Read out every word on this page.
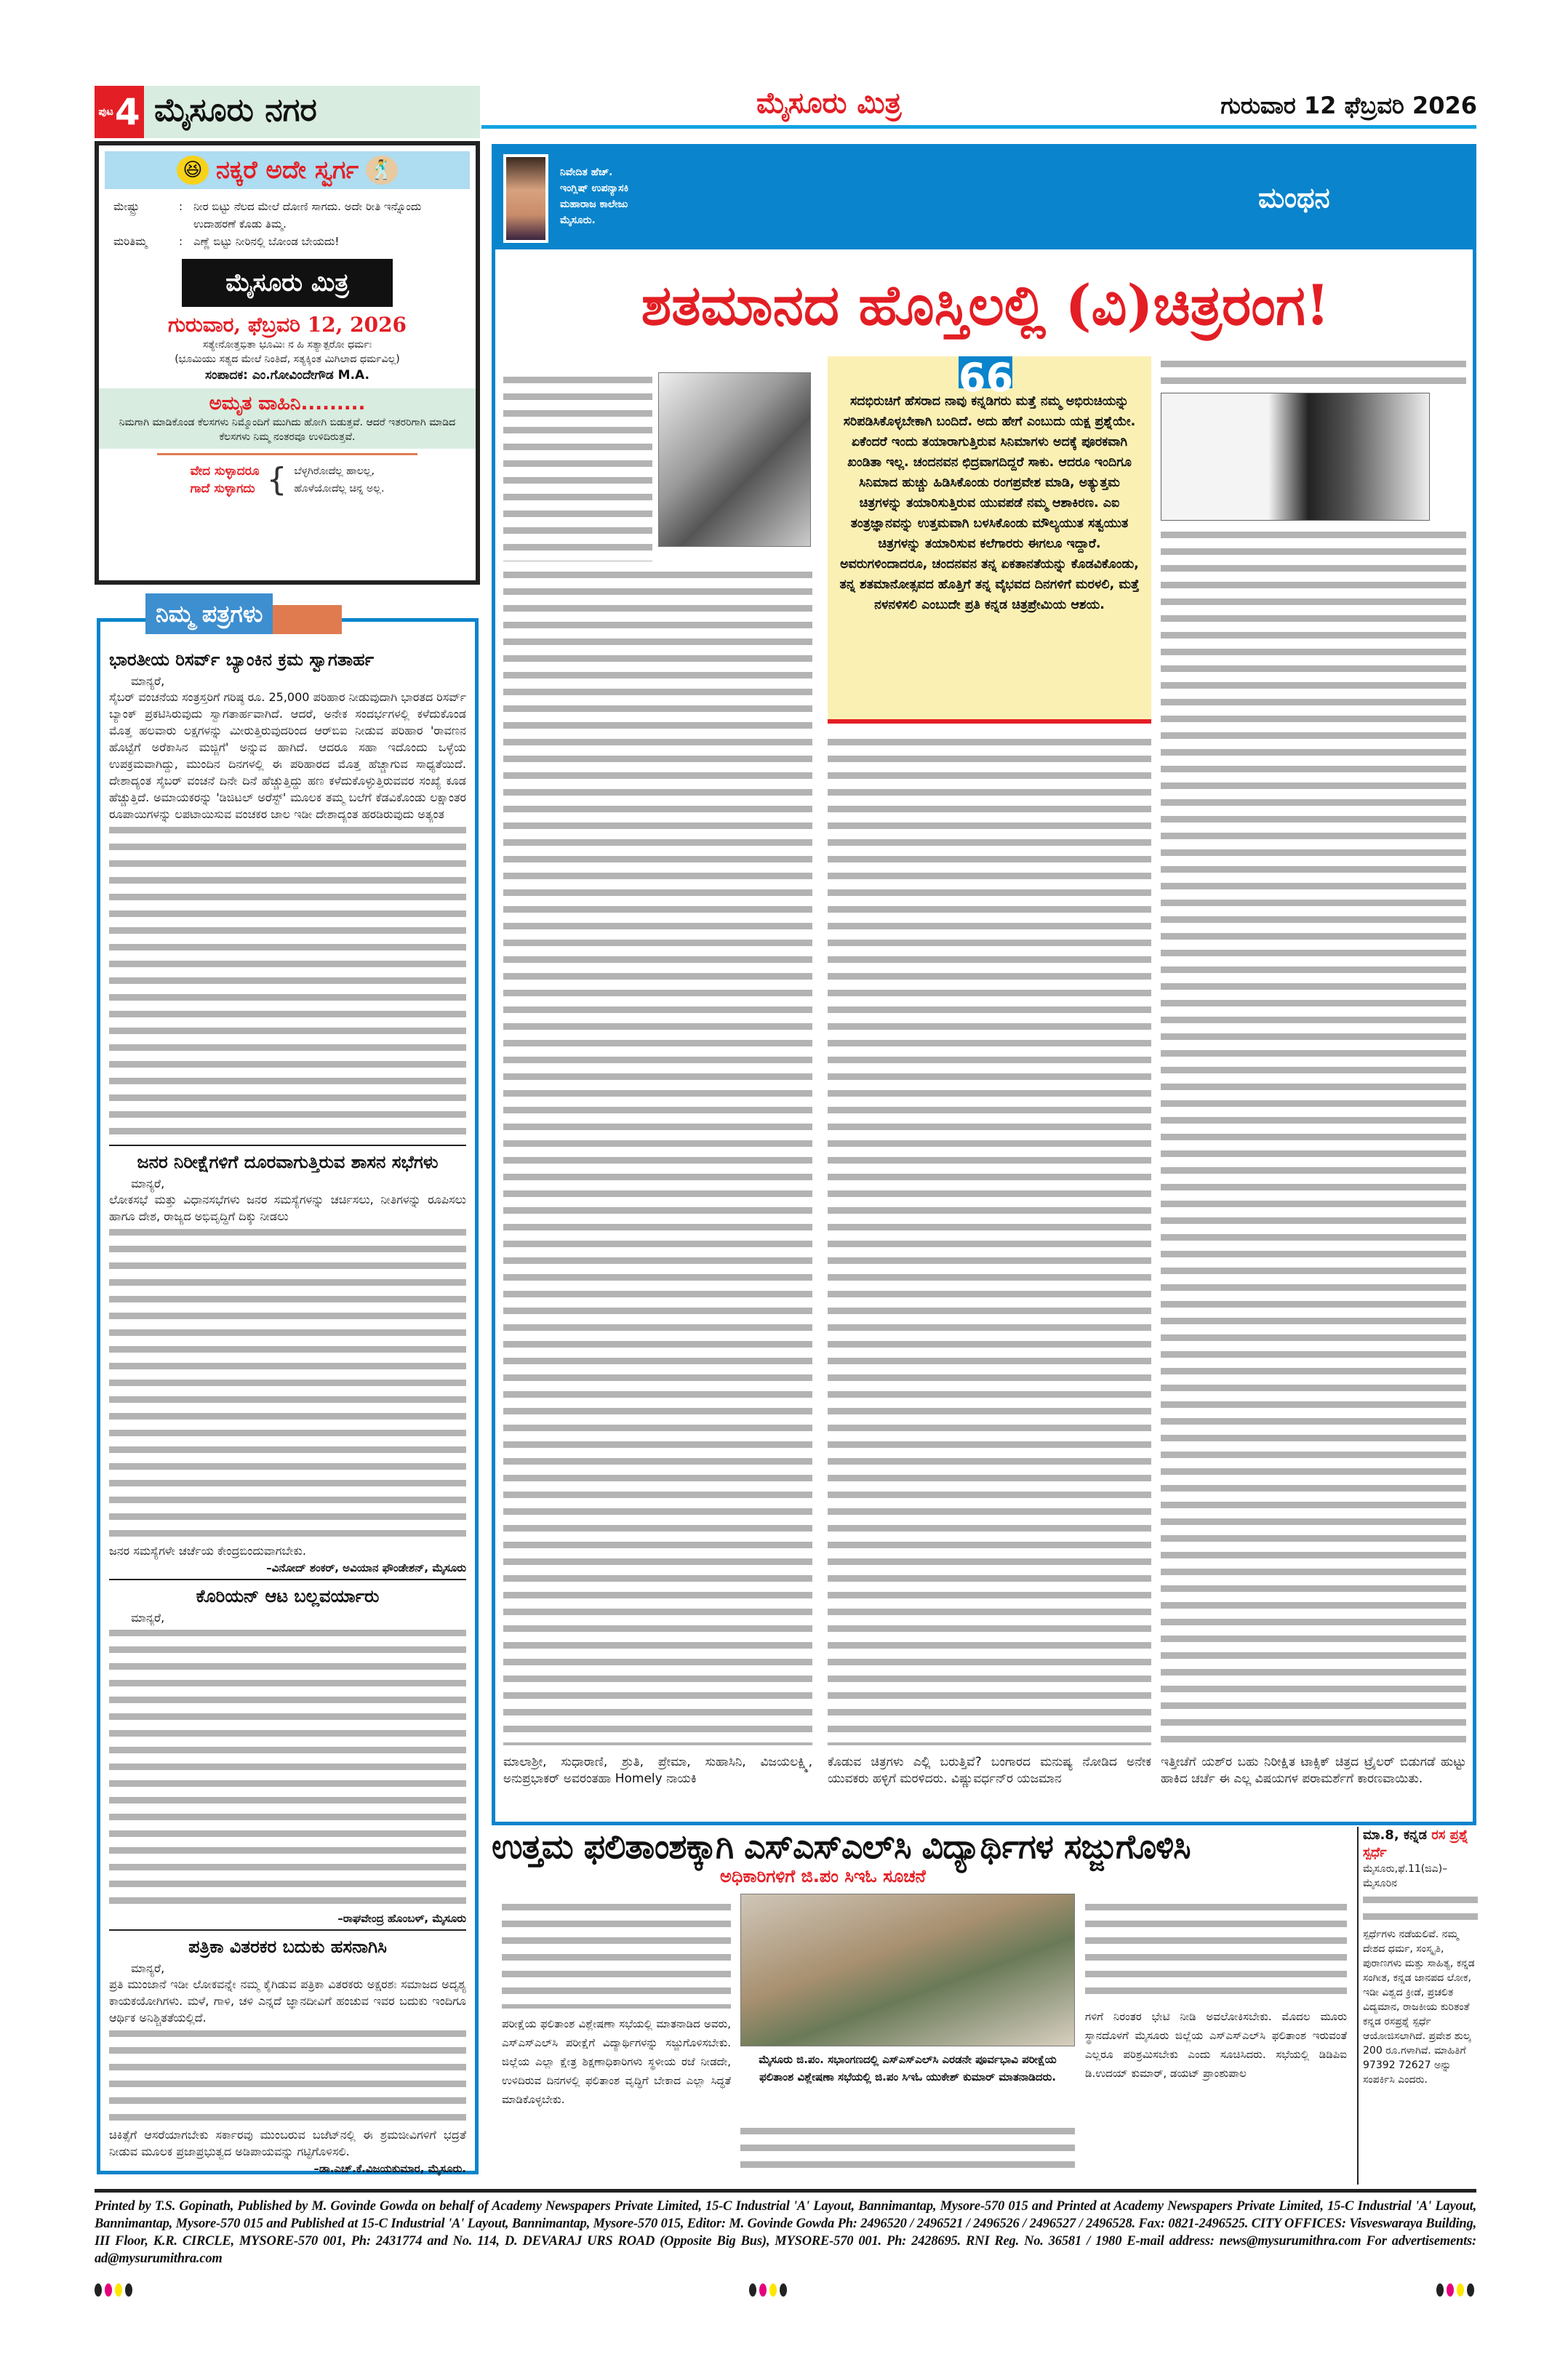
ಪುಟ 4 ಮೈಸೂರು ನಗರ	ಮೈಸೂರು ಮಿತ್ರ	ಗುರುವಾರ 12 ಫೆಬ್ರವರಿ 2026
😆 ನಕ್ಕರೆ ಅದೇ ಸ್ವರ್ಗ 🕺
ಮೇಷ್ಟ್ರು	: ನೀರ ಬಿಟ್ಟು ನೆಲದ ಮೇಲೆ ದೋಣಿ ಸಾಗದು. ಅದೇ ರೀತಿ ಇನ್ನೊಂದು ಉದಾಹರಣೆ ಕೊಡು ತಿಮ್ಮ.
ಮರಿತಿಮ್ಮ	: ಎಣ್ಣೆ ಬಿಟ್ಟು ನೀರಿನಲ್ಲಿ ಬೋಂಡ ಬೇಯದು!
ಮೈಸೂರು ಮಿತ್ರ
ಗುರುವಾರ, ಫೆಬ್ರವರಿ 12, 2026
ಸತ್ಯೇನೋತ್ತಭಿತಾ ಭೂಮಿಃ ನ ಹಿ ಸತ್ಯಾತ್ಪರೋ ಧರ್ಮಃ
(ಭೂಮಿಯು ಸತ್ಯದ ಮೇಲೆ ನಿಂತಿದೆ, ಸತ್ಯಕ್ಕಿಂತ ಮಿಗಿಲಾದ ಧರ್ಮವಿಲ್ಲ)
ಸಂಪಾದಕ: ಎಂ.ಗೋವಿಂದೇಗೌಡ M.A.
ಅಮೃತ ವಾಹಿನಿ.........
ನಿಮಗಾಗಿ ಮಾಡಿಕೊಂಡ ಕೆಲಸಗಳು ನಿಮ್ಮೊಂದಿಗೆ ಮುಗಿದು ಹೋಗಿ ಬಿಡುತ್ತವೆ. ಆದರೆ ಇತರರಿಗಾಗಿ ಮಾಡಿದ ಕೆಲಸಗಳು ನಿಮ್ಮ ನಂತರವೂ ಉಳಿದಿರುತ್ತವೆ.
ವೇದ ಸುಳ್ಳಾದರೂ
ಗಾದೆ ಸುಳ್ಳಾಗದು { ಬೆಳ್ಳಗಿರೋದೆಲ್ಲ ಹಾಲಲ್ಲ,
ಹೊಳೆಯೋದೆಲ್ಲ ಚಿನ್ನ ಅಲ್ಲ.
ಭಾರತೀಯ ರಿಸರ್ವ್ ಬ್ಯಾಂಕಿನ ಕ್ರಮ ಸ್ವಾಗತಾರ್ಹ
ಮಾನ್ಯರೆ,
ಸೈಬರ್ ವಂಚನೆಯ ಸಂತ್ರಸ್ತರಿಗೆ ಗರಿಷ್ಠ ರೂ. 25,000 ಪರಿಹಾರ ನೀಡುವುದಾಗಿ ಭಾರತದ ರಿಸರ್ವ್ ಬ್ಯಾಂಕ್ ಪ್ರಕಟಿಸಿರುವುದು ಸ್ವಾಗತಾರ್ಹವಾಗಿದೆ. ಆದರೆ, ಅನೇಕ ಸಂದರ್ಭಗಳಲ್ಲಿ ಕಳೆದುಕೊಂಡ ಮೊತ್ತ ಹಲವಾರು ಲಕ್ಷಗಳನ್ನು ಮೀರುತ್ತಿರುವುದರಿಂದ ಆರ್‌ಬಿಐ ನೀಡುವ ಪರಿಹಾರ 'ರಾವಣನ ಹೊಟ್ಟೆಗೆ ಅರೆಕಾಸಿನ ಮಜ್ಜಿಗೆ' ಅನ್ನುವ ಹಾಗಿದೆ. ಆದರೂ ಸಹಾ ಇದೊಂದು ಒಳ್ಳೆಯ ಉಪಕ್ರಮವಾಗಿದ್ದು, ಮುಂದಿನ ದಿನಗಳಲ್ಲಿ ಈ ಪರಿಹಾರದ ಮೊತ್ತ ಹೆಚ್ಚಾಗುವ ಸಾಧ್ಯತೆಯಿದೆ. ದೇಶಾದ್ಯಂತ ಸೈಬರ್ ವಂಚನೆ ದಿನೇ ದಿನೆ ಹೆಚ್ಚುತ್ತಿದ್ದು ಹಣ ಕಳೆದುಕೊಳ್ಳುತ್ತಿರುವವರ ಸಂಖ್ಯೆ ಕೂಡ ಹೆಚ್ಚುತ್ತಿದೆ. ಅಮಾಯಕರನ್ನು 'ಡಿಜಿಟಲ್ ಅರೆಸ್ಟ್' ಮೂಲಕ ತಮ್ಮ ಬಲೆಗೆ ಕೆಡವಿಕೊಂಡು ಲಕ್ಷಾಂತರ ರೂಪಾಯಿಗಳನ್ನು ಲಪಟಾಯಿಸುವ ವಂಚಕರ ಜಾಲ ಇಡೀ ದೇಶಾದ್ಯಂತ ಹರಡಿರುವುದು ಅತ್ಯಂತ
ಜನರ ನಿರೀಕ್ಷೆಗಳಿಗೆ ದೂರವಾಗುತ್ತಿರುವ ಶಾಸನ ಸಭೆಗಳು
ಮಾನ್ಯರೆ,
ಲೋಕಸಭೆ ಮತ್ತು ವಿಧಾನಸಭೆಗಳು ಜನರ ಸಮಸ್ಯೆಗಳನ್ನು ಚರ್ಚಿಸಲು, ನೀತಿಗಳನ್ನು ರೂಪಿಸಲು ಹಾಗೂ ದೇಶ, ರಾಜ್ಯದ ಅಭಿವೃದ್ಧಿಗೆ ದಿಕ್ಕು ನೀಡಲು
ಜನರ ಸಮಸ್ಯೆಗಳೇ ಚರ್ಚೆಯ ಕೇಂದ್ರಬಿಂದುವಾಗಬೇಕು.
–ವಿನೋದ್ ಶಂಕರ್, ಅವಿಯಾನ ಫೌಂಡೇಶನ್, ಮೈಸೂರು
ಕೊರಿಯನ್ ಆಟ ಬಲ್ಲವರ್ಯಾರು
ಮಾನ್ಯರೆ,
–ರಾಘವೇಂದ್ರ ಹೊಂಬಳ್, ಮೈಸೂರು
ಪತ್ರಿಕಾ ವಿತರಕರ ಬದುಕು ಹಸನಾಗಿಸಿ
ಮಾನ್ಯರೆ,
ಪ್ರತಿ ಮುಂಜಾನೆ ಇಡೀ ಲೋಕವನ್ನೇ ನಮ್ಮ ಕೈಗಿಡುವ ಪತ್ರಿಕಾ ವಿತರಕರು ಅಕ್ಷರಶಃ ಸಮಾಜದ ಅದೃಶ್ಯ ಕಾಯಕಯೋಗಿಗಳು. ಮಳೆ, ಗಾಳಿ, ಚಳಿ ಎನ್ನದೆ ಜ್ಞಾನದೀವಿಗೆ ಹಂಚುವ ಇವರ ಬದುಕು ಇಂದಿಗೂ ಆರ್ಥಿಕ ಅನಿಶ್ಚಿತತೆಯಲ್ಲಿದೆ.
ಚಿಕಿತ್ಸೆಗೆ ಆಸರೆಯಾಗಬೇಕು ಸರ್ಕಾರವು ಮುಂಬರುವ ಬಜೆಟ್‌ನಲ್ಲಿ ಈ ಶ್ರಮಜೀವಿಗಳಿಗೆ ಭದ್ರತೆ ನೀಡುವ ಮೂಲಕ ಪ್ರಜಾಪ್ರಭುತ್ವದ ಅಡಿಪಾಯವನ್ನು ಗಟ್ಟಿಗೊಳಿಸಲಿ.
–ಡಾ.ಎಚ್.ಕೆ.ವಿಜಯಕುಮಾರ, ಮೈಸೂರು.
ನಿಮ್ಮ ಪತ್ರಗಳು
ನಿವೇದಿತ ಹೆಚ್.
ಇಂಗ್ಲಿಷ್ ಉಪನ್ಯಾಸಕಿ
ಮಹಾರಾಜ ಕಾಲೇಜು
ಮೈಸೂರು.
ಮಂಥನ
ಶತಮಾನದ ಹೊಸ್ತಿಲಲ್ಲಿ (ವಿ)ಚಿತ್ರರಂಗ!
ಮಾಲಾಶ್ರೀ, ಸುಧಾರಾಣಿ, ಶ್ರುತಿ, ಪ್ರೇಮಾ, ಸುಹಾಸಿನಿ, ವಿಜಯಲಕ್ಷ್ಮಿ, ಅನುಪ್ರಭಾಕರ್ ಅವರಂತಹಾ Homely ನಾಯಕಿ
ಸದಭಿರುಚಿಗೆ ಹೆಸರಾದ ನಾವು ಕನ್ನಡಿಗರು ಮತ್ತೆ ನಮ್ಮ ಅಭಿರುಚಿಯನ್ನು ಸರಿಪಡಿಸಿಕೊಳ್ಳಬೇಕಾಗಿ ಬಂದಿದೆ. ಅದು ಹೇಗೆ ಎಂಬುದು ಯಕ್ಷ ಪ್ರಶ್ನೆಯೇ. ಏಕೆಂದರೆ ಇಂದು ತಯಾರಾಗುತ್ತಿರುವ ಸಿನಿಮಾಗಳು ಅದಕ್ಕೆ ಪೂರಕವಾಗಿ ಖಂಡಿತಾ ಇಲ್ಲ. ಚಂದನವನ ಛಿದ್ರವಾಗದಿದ್ದರೆ ಸಾಕು. ಆದರೂ ಇಂದಿಗೂ ಸಿನಿಮಾದ ಹುಚ್ಚು ಹಿಡಿಸಿಕೊಂಡು ರಂಗಪ್ರವೇಶ ಮಾಡಿ, ಅತ್ಯುತ್ತಮ ಚಿತ್ರಗಳನ್ನು ತಯಾರಿಸುತ್ತಿರುವ ಯುವಪಡೆ ನಮ್ಮ ಆಶಾಕಿರಣ. ಎಐ ತಂತ್ರಜ್ಞಾನವನ್ನು ಉತ್ತಮವಾಗಿ ಬಳಸಿಕೊಂಡು ಮೌಲ್ಯಯುತ ಸತ್ವಯುತ ಚಿತ್ರಗಳನ್ನು ತಯಾರಿಸುವ ಕಲೆಗಾರರು ಈಗಲೂ ಇದ್ದಾರೆ. ಅವರುಗಳಿಂದಾದರೂ, ಚಂದನವನ ತನ್ನ ಏಕತಾನತೆಯನ್ನು ಕೊಡವಿಕೊಂಡು, ತನ್ನ ಶತಮಾನೋತ್ಸವದ ಹೊತ್ತಿಗೆ ತನ್ನ ವೈಭವದ ದಿನಗಳಿಗೆ ಮರಳಲಿ, ಮತ್ತೆ ನಳನಳಿಸಲಿ ಎಂಬುದೇ ಪ್ರತಿ ಕನ್ನಡ ಚಿತ್ರಪ್ರೇಮಿಯ ಆಶಯ.
66
ಕೊಡುವ ಚಿತ್ರಗಳು ಎಲ್ಲಿ ಬರುತ್ತಿವೆ? ಬಂಗಾರದ ಮನುಷ್ಯ ನೋಡಿದ ಅನೇಕ ಯುವಕರು ಹಳ್ಳಿಗೆ ಮರಳಿದರು. ವಿಷ್ಣುವರ್ಧನ್‌ರ ಯಜಮಾನ
ಇತ್ತೀಚೆಗೆ ಯಶ್‌ರ ಬಹು ನಿರೀಕ್ಷಿತ ಟಾಕ್ಸಿಕ್ ಚಿತ್ರದ ಟ್ರೈಲರ್ ಬಿಡುಗಡೆ ಹುಟ್ಟು ಹಾಕಿದ ಚರ್ಚೆ ಈ ಎಲ್ಲ ವಿಷಯಗಳ ಪರಾಮರ್ಶೆಗೆ ಕಾರಣವಾಯಿತು.
ಉತ್ತಮ ಫಲಿತಾಂಶಕ್ಕಾಗಿ ಎಸ್‌ಎಸ್‌ಎಲ್‌ಸಿ ವಿದ್ಯಾರ್ಥಿಗಳ ಸಜ್ಜುಗೊಳಿಸಿ
ಅಧಿಕಾರಿಗಳಿಗೆ ಜಿ.ಪಂ ಸಿಇಓ ಸೂಚನೆ
ಪರೀಕ್ಷೆಯ ಫಲಿತಾಂಶ ವಿಶ್ಲೇಷಣಾ ಸಭೆಯಲ್ಲಿ ಮಾತನಾಡಿದ ಅವರು, ಎಸ್‌ಎಸ್‌ಎಲ್‌ಸಿ ಪರೀಕ್ಷೆಗೆ ವಿದ್ಯಾರ್ಥಿಗಳನ್ನು ಸಜ್ಜುಗೊಳಿಸಬೇಕು. ಜಿಲ್ಲೆಯ ಎಲ್ಲಾ ಕ್ಷೇತ್ರ ಶಿಕ್ಷಣಾಧಿಕಾರಿಗಳು ಸ್ಥಳೀಯ ರಜೆ ನೀಡದೇ, ಉಳಿದಿರುವ ದಿನಗಳಲ್ಲಿ ಫಲಿತಾಂಶ ವೃದ್ಧಿಗೆ ಬೇಕಾದ ಎಲ್ಲಾ ಸಿದ್ಧತೆ ಮಾಡಿಕೊಳ್ಳಬೇಕು.
ಮೈಸೂರು ಜಿ.ಪಂ. ಸಭಾಂಗಣದಲ್ಲಿ ಎಸ್‌ಎಸ್‌ಎಲ್‌ಸಿ ಎರಡನೇ ಪೂರ್ವಭಾವಿ ಪರೀಕ್ಷೆಯ ಫಲಿತಾಂಶ ವಿಶ್ಲೇಷಣಾ ಸಭೆಯಲ್ಲಿ ಜಿ.ಪಂ ಸಿಇಓ ಯುಕೇಶ್ ಕುಮಾರ್ ಮಾತನಾಡಿದರು.
ಗಳಿಗೆ ನಿರಂತರ ಭೇಟಿ ನೀಡಿ ಅವಲೋಕಿಸಬೇಕು. ಮೊದಲ ಮೂರು ಸ್ಥಾನದೊಳಗೆ ಮೈಸೂರು ಜಿಲ್ಲೆಯ ಎಸ್‌ಎಸ್‌ಎಲ್‌ಸಿ ಫಲಿತಾಂಶ ಇರುವಂತೆ ಎಲ್ಲರೂ ಪರಿಶ್ರಮಿಸಬೇಕು ಎಂದು ಸೂಚಿಸಿದರು. ಸಭೆಯಲ್ಲಿ ಡಿಡಿಪಿಐ ಡಿ.ಉದಯ್ ಕುಮಾರ್, ಡಯಟ್ ಪ್ರಾಂಶುಪಾಲ
ಮಾ.8, ಕನ್ನಡ ರಸ ಪ್ರಶ್ನೆ ಸ್ಪರ್ಧೆ
ಮೈಸೂರು,ಫೆ.11(ಜಿಎ)–ಮೈಸೂರಿನ
ಸ್ಪರ್ಧೆಗಳು ನಡೆಯಲಿವೆ. ನಮ್ಮ ದೇಶದ ಧರ್ಮ, ಸಂಸ್ಕೃತಿ, ಪುರಾಣಗಳು ಮತ್ತು ಸಾಹಿತ್ಯ, ಕನ್ನಡ ಸಂಗೀತ, ಕನ್ನಡ ಜಾನಪದ ಲೋಕ, ಇಡೀ ವಿಶ್ವದ ಕ್ರೀಡೆ, ಪ್ರಚಲಿತ ವಿದ್ಯಮಾನ, ರಾಜಕೀಯ ಕುರಿತಂತೆ ಕನ್ನಡ ರಸಪ್ರಶ್ನೆ ಸ್ಪರ್ಧೆ ಆಯೋಜಿಸಲಾಗಿದೆ. ಪ್ರವೇಶ ಶುಲ್ಕ 200 ರೂ.ಗಳಾಗಿವೆ. ಮಾಹಿತಿಗೆ 97392 72627 ಅನ್ನು ಸಂಪರ್ಕಿಸಿ ಎಂದರು.
Printed by T.S. Gopinath, Published by M. Govinde Gowda on behalf of Academy Newspapers Private Limited, 15-C Industrial 'A' Layout, Bannimantap, Mysore-570 015 and Printed at Academy Newspapers Private Limited, 15-C Industrial 'A' Layout, Bannimantap, Mysore-570 015 and Published at 15-C Industrial 'A' Layout, Bannimantap, Mysore-570 015, Editor: M. Govinde Gowda Ph: 2496520 / 2496521 / 2496526 / 2496527 / 2496528. Fax: 0821-2496525. CITY OFFICES: Visveswaraya Building, III Floor, K.R. CIRCLE, MYSORE-570 001, Ph: 2431774 and No. 114, D. DEVARAJ URS ROAD (Opposite Big Bus), MYSORE-570 001. Ph: 2428695. RNI Reg. No. 36581 / 1980 E-mail address: news@mysurumithra.com For advertisements: ad@mysurumithra.com
